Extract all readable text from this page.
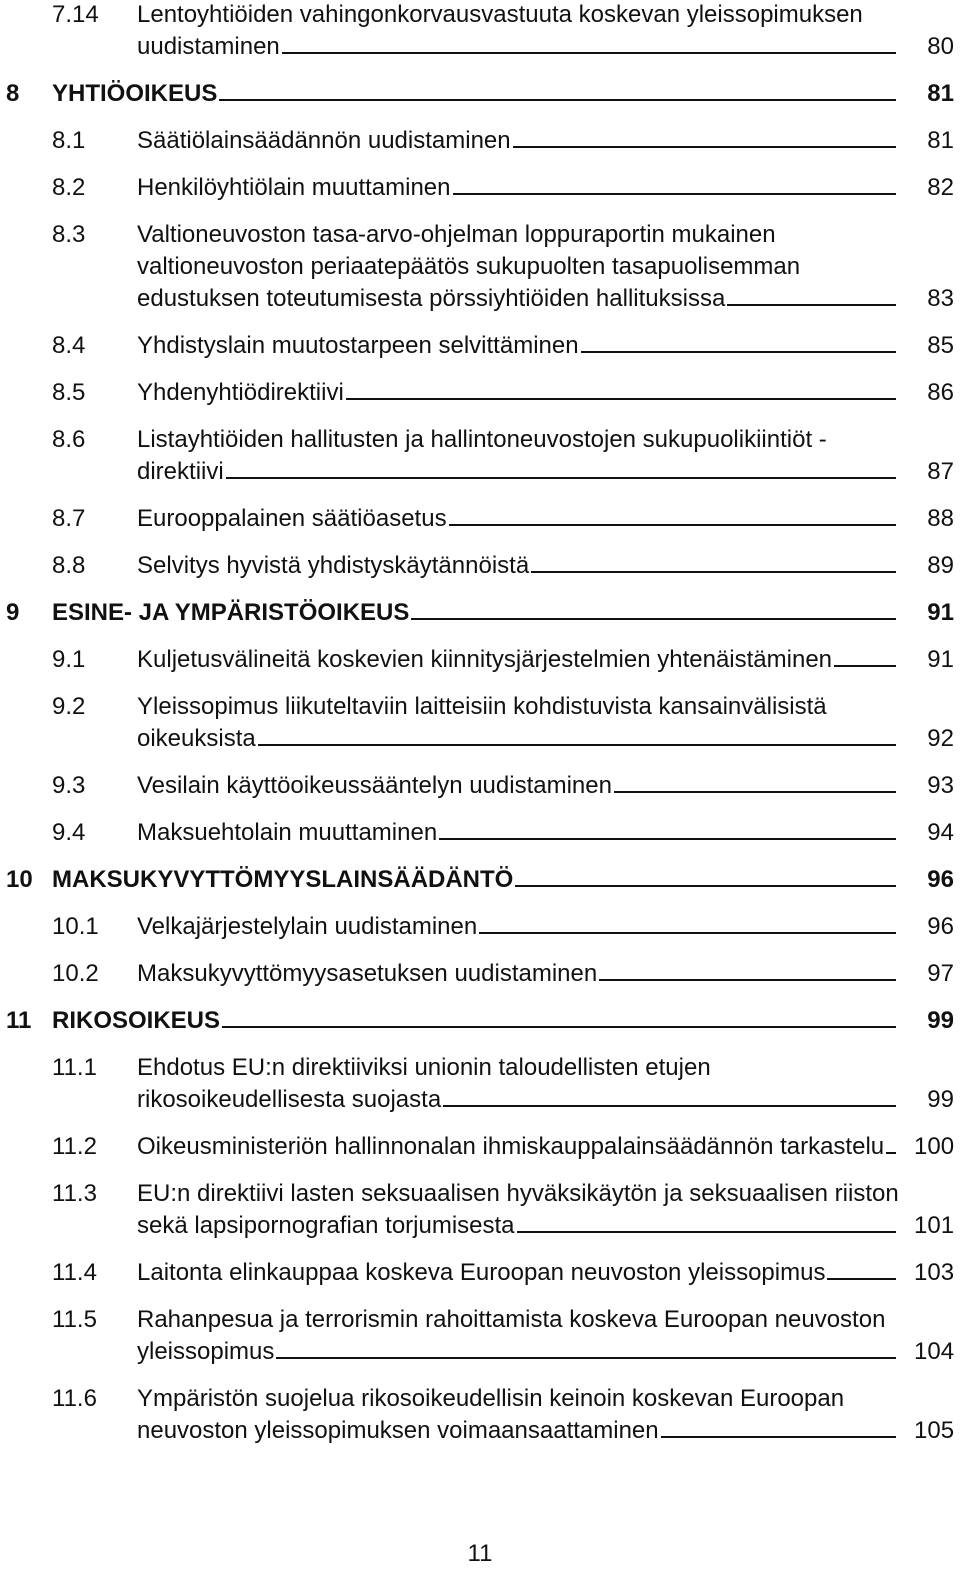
7.14 Lentoyhtiöiden vahingonkorvausvastuuta koskevan yleissopimuksen
uudistaminen	80
8 YHTIÖOIKEUS	81
8.1 Säätiölainsäädännön uudistaminen	81
8.2 Henkilöyhtiölain muuttaminen	82
8.3 Valtioneuvoston tasa-arvo-ohjelman loppuraportin mukainen
valtioneuvoston periaatepäätös sukupuolten tasapuolisemman
edustuksen toteutumisesta pörssiyhtiöiden hallituksissa	83
8.4 Yhdistyslain muutostarpeen selvittäminen	85
8.5 Yhdenyhtiödirektiivi	86
8.6 Listayhtiöiden hallitusten ja hallintoneuvostojen sukupuolikiintiöt -
direktiivi	87
8.7 Eurooppalainen säätiöasetus	88
8.8 Selvitys hyvistä yhdistyskäytännöistä	89
9 ESINE- JA YMPÄRISTÖOIKEUS	91
9.1 Kuljetusvälineitä koskevien kiinnitysjärjestelmien yhtenäistäminen	91
9.2 Yleissopimus liikuteltaviin laitteisiin kohdistuvista kansainvälisistä
oikeuksista	92
9.3 Vesilain käyttöoikeussääntelyn uudistaminen	93
9.4 Maksuehtolain muuttaminen	94
10 MAKSUKYVYTTÖMYYSLAINSÄÄDÄNTÖ	96
10.1 Velkajärjestelylain uudistaminen	96
10.2 Maksukyvyttömyysasetuksen uudistaminen	97
11 RIKOSOIKEUS	99
11.1 Ehdotus EU:n direktiiviksi unionin taloudellisten etujen
rikosoikeudellisesta suojasta	99
11.2 Oikeusministeriön hallinnonalan ihmiskauppalainsäädännön tarkastelu 100
11.3 EU:n direktiivi lasten seksuaalisen hyväksikäytön ja seksuaalisen riiston
sekä lapsipornografian torjumisesta	101
11.4 Laitonta elinkauppaa koskeva Euroopan neuvoston yleissopimus	103
11.5 Rahanpesua ja terrorismin rahoittamista koskeva Euroopan neuvoston
yleissopimus	104
11.6 Ympäristön suojelua rikosoikeudellisin keinoin koskevan Euroopan
neuvoston yleissopimuksen voimaansaattaminen	105
11
